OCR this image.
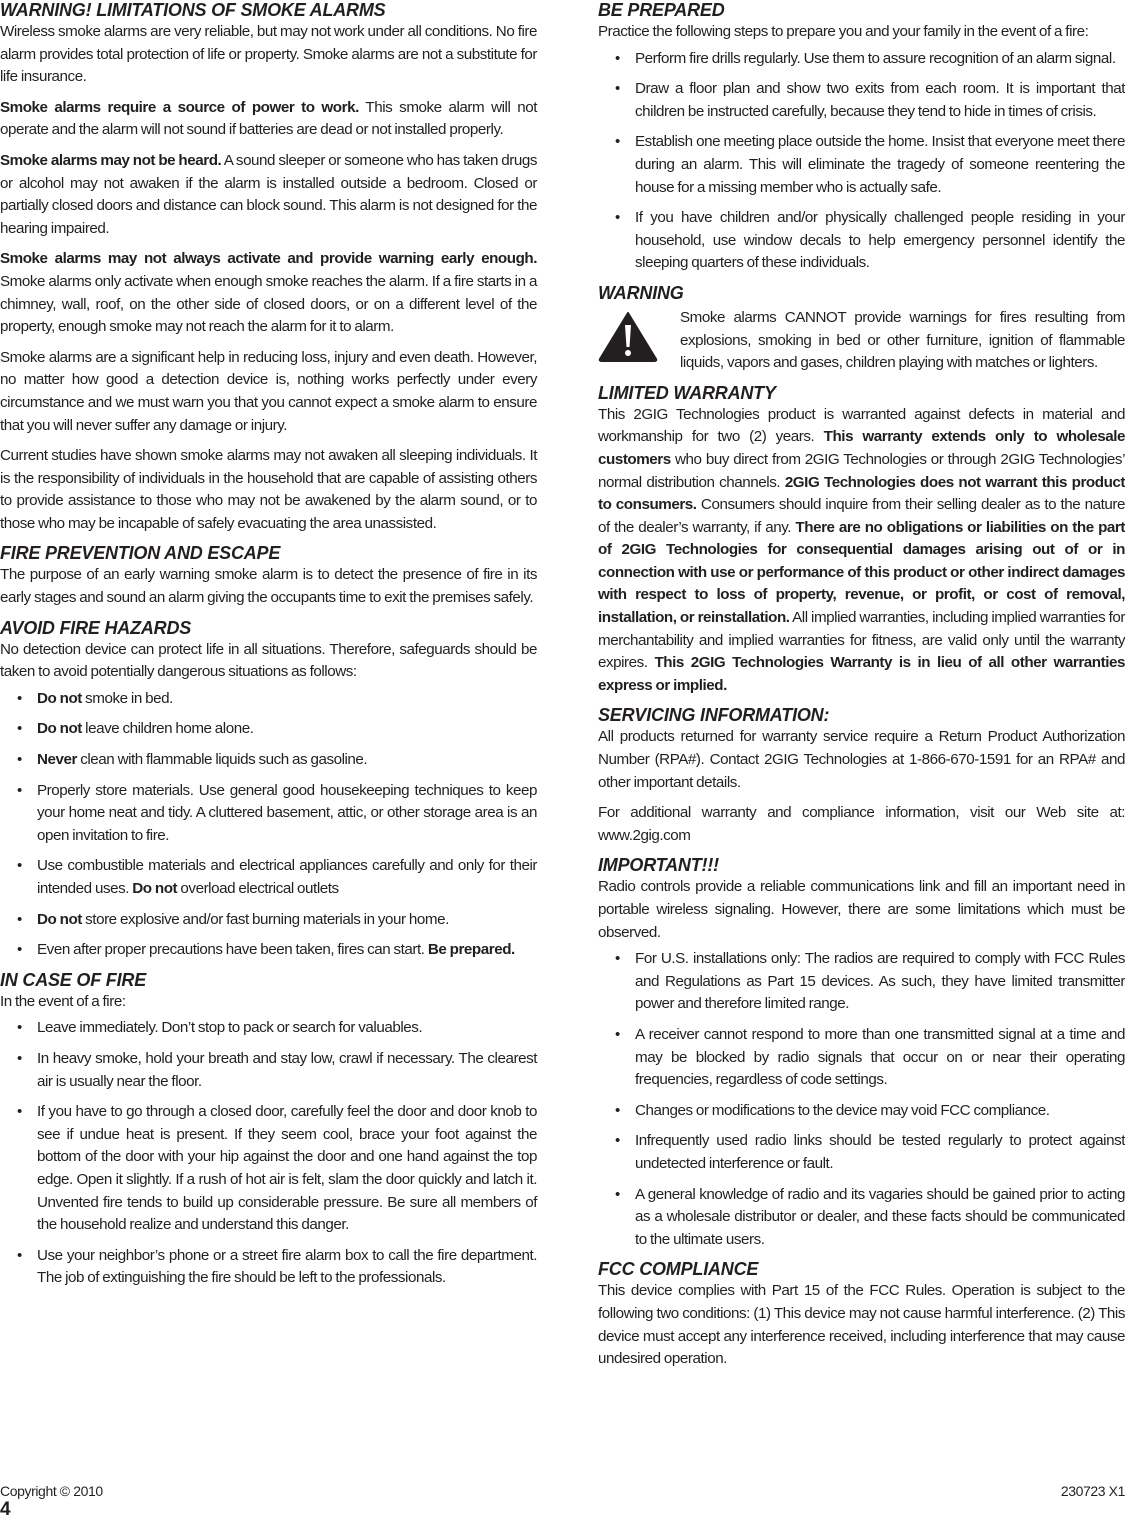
WARNING! LIMITATIONS OF SMOKE ALARMS

Wireless smoke alarms are very reliable, but may not work under all conditions. No fire alarm provides total protection of life or property. Smoke alarms are not a substitute for life insurance.

Smoke alarms require a source of power to work. This smoke alarm will not operate and the alarm will not sound if batteries are dead or not installed properly.

Smoke alarms may not be heard. A sound sleeper or someone who has taken drugs or alcohol may not awaken if the alarm is installed outside a bedroom. Closed or partially closed doors and distance can block sound. This alarm is not designed for the hearing impaired.

Smoke alarms may not always activate and provide warning early enough. Smoke alarms only activate when enough smoke reaches the alarm. If a fire starts in a chimney, wall, roof, on the other side of closed doors, or on a different level of the property, enough smoke may not reach the alarm for it to alarm.

Smoke alarms are a significant help in reducing loss, injury and even death. However, no matter how good a detection device is, nothing works perfectly under every circumstance and we must warn you that you cannot expect a smoke alarm to ensure that you will never suffer any damage or injury.

Current studies have shown smoke alarms may not awaken all sleeping individuals. It is the responsibility of individuals in the household that are capable of assisting others to provide assistance to those who may not be awakened by the alarm sound, or to those who may be incapable of safely evacuating the area unassisted.

FIRE PREVENTION AND ESCAPE

The purpose of an early warning smoke alarm is to detect the presence of fire in its early stages and sound an alarm giving the occupants time to exit the premises safely.

AVOID FIRE HAZARDS

No detection device can protect life in all situations. Therefore, safeguards should be taken to avoid potentially dangerous situations as follows:

• Do not smoke in bed.
• Do not leave children home alone.
• Never clean with flammable liquids such as gasoline.
• Properly store materials. Use general good housekeeping techniques to keep your home neat and tidy. A cluttered basement, attic, or other storage area is an open invitation to fire.
• Use combustible materials and electrical appliances carefully and only for their intended uses. Do not overload electrical outlets
• Do not store explosive and/or fast burning materials in your home.
• Even after proper precautions have been taken, fires can start. Be prepared.
IN CASE OF FIRE

In the event of a fire:

• Leave immediately. Don’t stop to pack or search for valuables.
• In heavy smoke, hold your breath and stay low, crawl if necessary. The clearest air is usually near the floor.
• If you have to go through a closed door, carefully feel the door and door knob to see if undue heat is present. If they seem cool, brace your foot against the bottom of the door with your hip against the door and one hand against the top edge. Open it slightly. If a rush of hot air is felt, slam the door quickly and latch it. Unvented fire tends to build up considerable pressure. Be sure all members of the household realize and understand this danger.
• Use your neighbor’s phone or a street fire alarm box to call the fire department. The job of extinguishing the fire should be left to the professionals.
BE PREPARED

Practice the following steps to prepare you and your family in the event of a fire:

• Perform fire drills regularly. Use them to assure recognition of an alarm signal.
• Draw a floor plan and show two exits from each room. It is important that children be instructed carefully, because they tend to hide in times of crisis.
• Establish one meeting place outside the home. Insist that everyone meet there during an alarm. This will eliminate the tragedy of someone reentering the house for a missing member who is actually safe.
• If you have children and/or physically challenged people residing in your household, use window decals to help emergency personnel identify the sleeping quarters of these individuals.
WARNING

Smoke alarms CANNOT provide warnings for fires resulting from explosions, smoking in bed or other furniture, ignition of flammable liquids, vapors and gases, children playing with matches or lighters.

LIMITED WARRANTY

This 2GIG Technologies product is warranted against defects in material and workmanship for two (2) years. This warranty extends only to wholesale customers who buy direct from 2GIG Technologies or through 2GIG Technologies’ normal distribution channels. 2GIG Technologies does not warrant this product to consumers. Consumers should inquire from their selling dealer as to the nature of the dealer’s warranty, if any. There are no obligations or liabilities on the part of 2GIG Technologies for consequential damages arising out of or in connection with use or performance of this product or other indirect damages with respect to loss of property, revenue, or profit, or cost of removal, installation, or reinstallation. All implied warranties, including implied warranties for merchantability and implied warranties for fitness, are valid only until the warranty expires. This 2GIG Technologies Warranty is in lieu of all other warranties express or implied.

SERVICING INFORMATION:

All products returned for warranty service require a Return Product Authorization Number (RPA#). Contact 2GIG Technologies at 1-866-670-1591 for an RPA# and other important details.

For additional warranty and compliance information, visit our Web site at: www.2gig.com

IMPORTANT!!!

Radio controls provide a reliable communications link and fill an important need in portable wireless signaling. However, there are some limitations which must be observed.

• For U.S. installations only: The radios are required to comply with FCC Rules and Regulations as Part 15 devices. As such, they have limited transmitter power and therefore limited range.
• A receiver cannot respond to more than one transmitted signal at a time and may be blocked by radio signals that occur on or near their operating frequencies, regardless of code settings.
• Changes or modifications to the device may void FCC compliance.
• Infrequently used radio links should be tested regularly to protect against undetected interference or fault.
• A general knowledge of radio and its vagaries should be gained prior to acting as a wholesale distributor or dealer, and these facts should be communicated to the ultimate users.
FCC COMPLIANCE

This device complies with Part 15 of the FCC Rules. Operation is subject to the following two conditions: (1) This device may not cause harmful interference. (2) This device must accept any interference received, including interference that may cause undesired operation.

Copyright © 2010	230723 X1
4
